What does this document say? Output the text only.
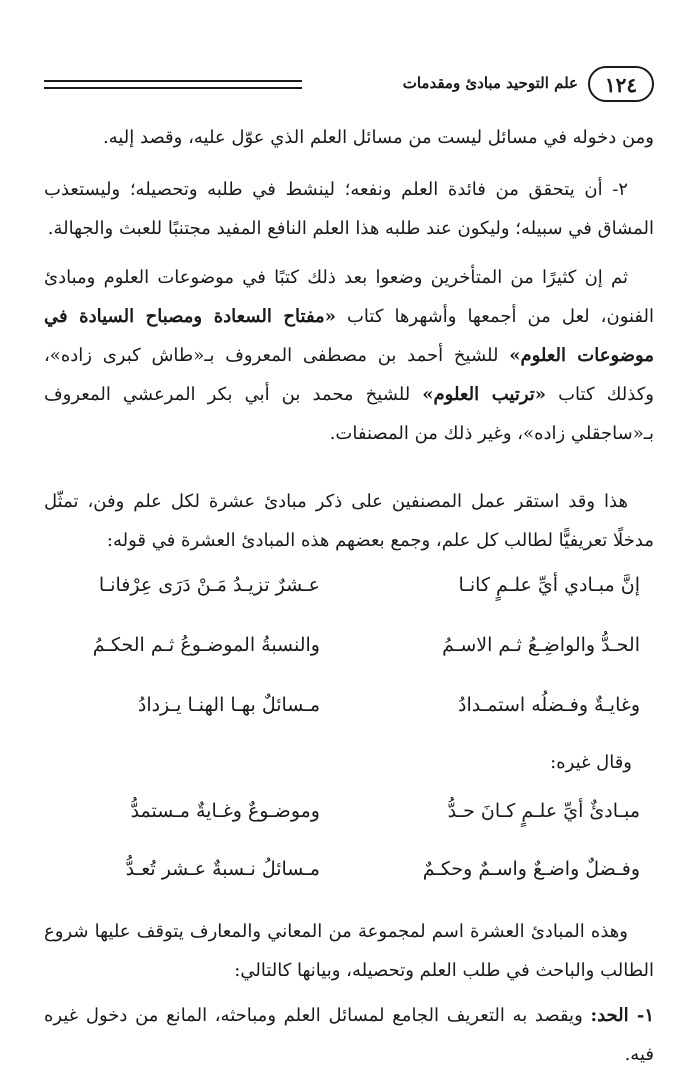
١٢٤
علم التوحيد مبادئ ومقدمات
ومن دخوله في مسائل ليست من مسائل العلم الذي عوّل عليه، وقصد إليه.
٢- أن يتحقق من فائدة العلم ونفعه؛ لينشط في طلبه وتحصيله؛ وليستعذب المشاق في سبيله؛ وليكون عند طلبه هذا العلم النافع المفيد مجتنبًا للعبث والجهالة.
ثم إن كثيرًا من المتأخرين وضعوا بعد ذلك كتبًا في موضوعات العلوم ومبادئ الفنون، لعل من أجمعها وأشهرها كتاب «مفتاح السعادة ومصباح السيادة في موضوعات العلوم» للشيخ أحمد بن مصطفى المعروف بـ«طاش كبرى زاده»، وكذلك كتاب «ترتيب العلوم» للشيخ محمد بن أبي بكر المرعشي المعروف بـ«ساجقلي زاده»، وغير ذلك من المصنفات.
هذا وقد استقر عمل المصنفين على ذكر مبادئ عشرة لكل علم وفن، تمثّل مدخلًا تعريفيًّا لطالب كل علم، وجمع بعضهم هذه المبادئ العشرة في قوله:
إنَّ مبـادي أيِّ علـمٍ كانـا
عـشرٌ تزيـدُ مَـنْ دَرَى عِرْفانـا
الحـدُّ والواضِـعُ ثـم الاسـمُ
والنسبةُ الموضـوعُ ثـم الحكـمُ
وغايـةٌ وفـضلُه استمـدادُ
مـسائلٌ بهـا الهنـا يـزدادُ
وقال غيره:
مبـادئٌ أيِّ علـمٍ كـانَ حـدُّ
وموضـوعٌ وغـايةٌ مـستمدُّ
وفـضلٌ واضـعٌ واسـمٌ وحكـمٌ
مـسائلُ نـسبةٌ عـشر تُعـدُّ
وهذه المبادئ العشرة اسم لمجموعة من المعاني والمعارف يتوقف عليها شروع الطالب والباحث في طلب العلم وتحصيله، وبيانها كالتالي:
١- الحد: ويقصد به التعريف الجامع لمسائل العلم ومباحثه، المانع من دخول غيره فيه.
